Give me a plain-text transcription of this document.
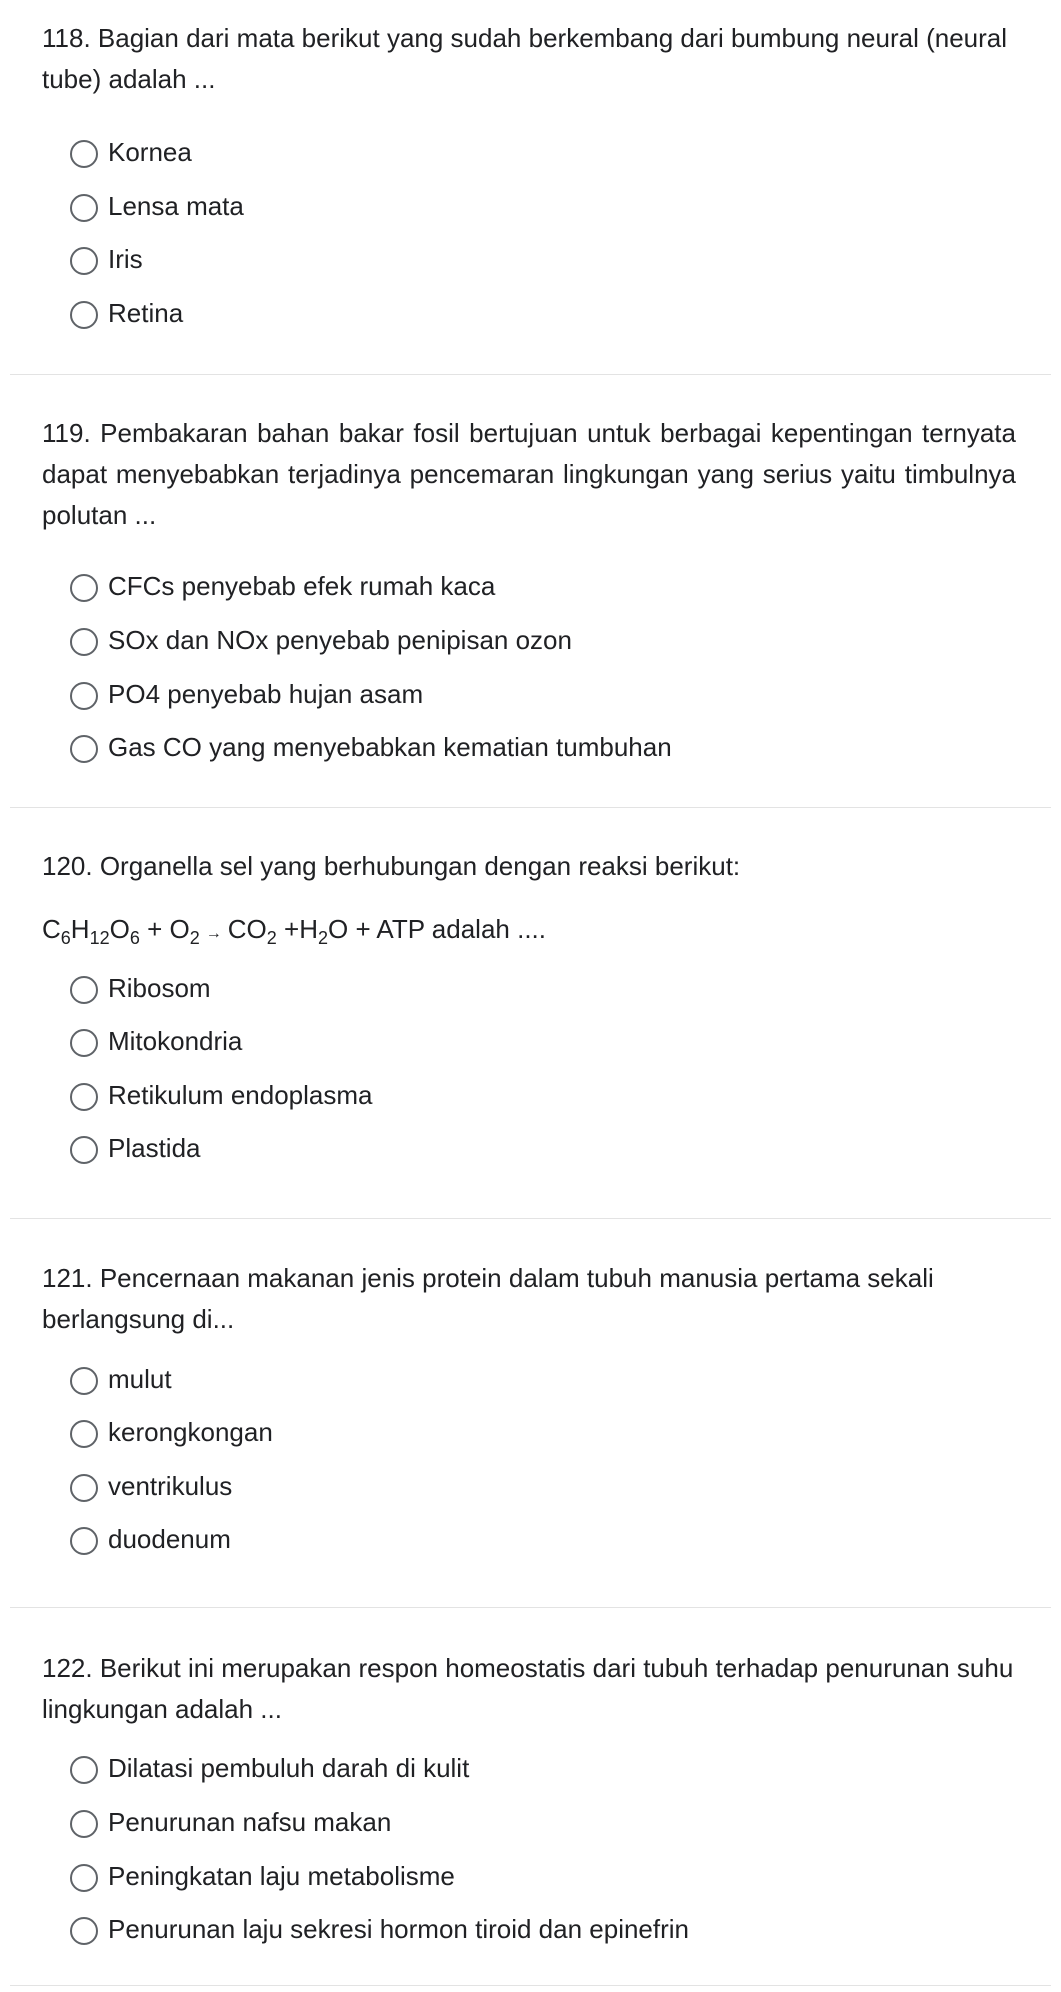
118. Bagian dari mata berikut yang sudah berkembang dari bumbung neural (neural tube) adalah ...

Kornea
Lensa mata
Iris
Retina

119. Pembakaran bahan bakar fosil bertujuan untuk berbagai kepentingan ternyata dapat menyebabkan terjadinya pencemaran lingkungan yang serius yaitu timbulnya polutan ...

CFCs penyebab efek rumah kaca
SOx dan NOx penyebab penipisan ozon
PO4 penyebab hujan asam
Gas CO yang menyebabkan kematian tumbuhan

120. Organella sel yang berhubungan dengan reaksi berikut:

$C_6H_{12}O_6 + O_2 \to CO_2 +H_2O$ + ATP adalah ....
Ribosom
Mitokondria
Retikulum endoplasma
Plastida

121. Pencernaan makanan jenis protein dalam tubuh manusia pertama sekali berlangsung di...

mulut
kerongkongan
ventrikulus
duodenum

122. Berikut ini merupakan respon homeostatis dari tubuh terhadap penurunan suhu lingkungan adalah ...

Dilatasi pembuluh darah di kulit
Penurunan nafsu makan
Peningkatan laju metabolisme
Penurunan laju sekresi hormon tiroid dan epinefrin
